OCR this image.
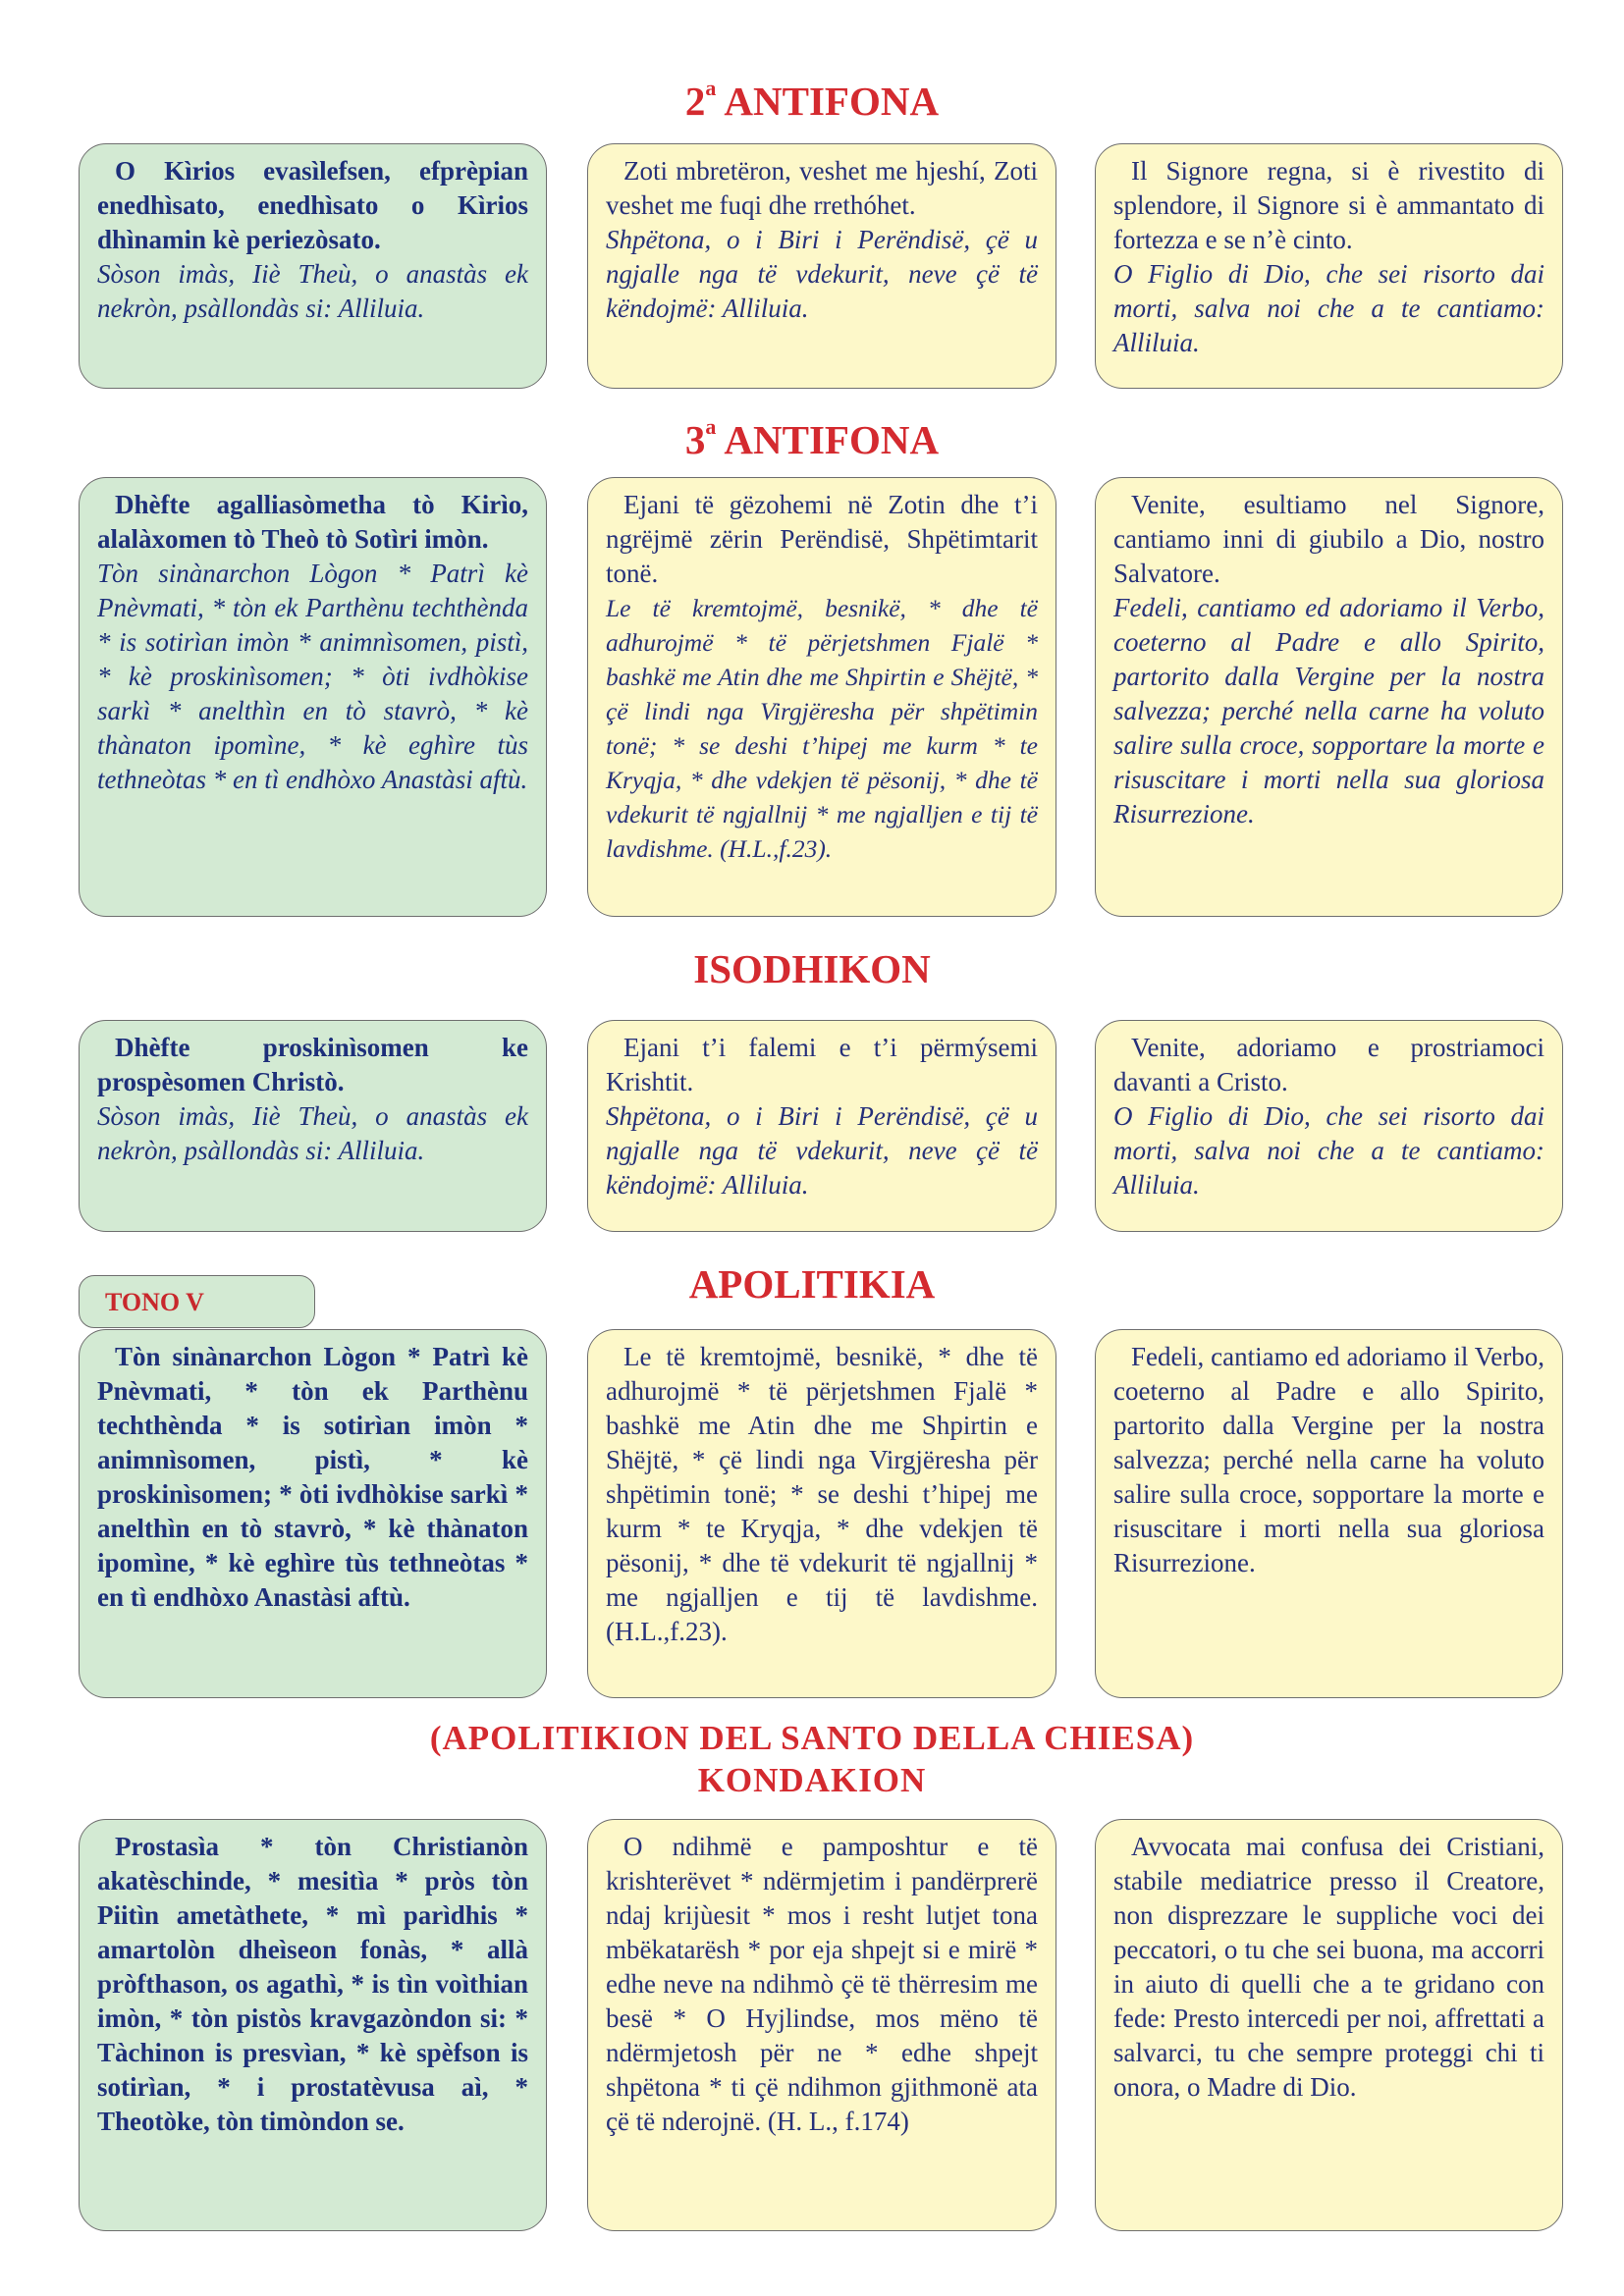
2$^a$ ANTIFONA

O Kìrios evasìlefsen, efprèpian enedhìsato, enedhìsato o Kìrios dhìnamin kè periezòsato.

Sòson imàs, Iiè Theù, o anastàs ek nekròn, psàllondàs si: Alliluia.

Zoti mbretëron, veshet me hjeshí, Zoti veshet me fuqi dhe rrethóhet.

Shpëtona, o i Biri i Perëndisë, çë u ngjalle nga të vdekurit, neve çë të këndojmë: Alliluia.

Il Signore regna, si è rivestito di splendore, il Signore si è ammantato di fortezza e se n’è cinto.

O Figlio di Dio, che sei risorto dai morti, salva noi che a te cantiamo: Alliluia.

3$^a$ ANTIFONA

Dhèfte agalliasòmetha tò Kirìo, alalàxomen tò Theò tò Sotìri imòn.

Tòn sinànarchon Lògon * Patrì kè Pnèvmati, * tòn ek Parthènu techthènda * is sotirìan imòn * animnìsomen, pistì, * kè proskinìsomen; * òti ivdhòkise sarkì * anelthìn en tò stavrò, * kè thànaton ipomìne, * kè eghìre tùs tethneòtas * en tì endhòxo Anastàsi aftù.

Ejani të gëzohemi në Zotin dhe t’i ngrëjmë zërin Perëndisë, Shpëtimtarit tonë.

Le të kremtojmë, besnikë, * dhe të adhurojmë * të përjetshmen Fjalë * bashkë me Atin dhe me Shpirtin e Shëjtë, * çë lindi nga Virgjëresha për shpëtimin tonë; * se deshi t’hipej me kurm * te Kryqja, * dhe vdekjen të pësonij, * dhe të vdekurit të ngjallnij * me ngjalljen e tij të lavdishme. (H.L.,f.23).

Venite, esultiamo nel Signore, cantiamo inni di giubilo a Dio, nostro Salvatore.

Fedeli, cantiamo ed adoriamo il Verbo, coeterno al Padre e allo Spirito, partorito dalla Vergine per la nostra salvezza; perché nella carne ha voluto salire sulla croce, sopportare la morte e risuscitare i morti nella sua gloriosa Risurrezione.

ISODHIKON

Dhèfte proskinìsomen ke prospèsomen Christò.

Sòson imàs, Iiè Theù, o anastàs ek nekròn, psàllondàs si: Alliluia.

Ejani t’i falemi e t’i përmýsemi Krishtit.

Shpëtona, o i Biri i Perëndisë, çë u ngjalle nga të vdekurit, neve çë të këndojmë: Alliluia.

Venite, adoriamo e prostriamoci davanti a Cristo.

O Figlio di Dio, che sei risorto dai morti, salva noi che a te cantiamo: Alliluia.

TONO V	APOLITIKIA

Tòn sinànarchon Lògon * Patrì kè Pnèvmati, * tòn ek Parthènu techthènda * is sotirìan imòn * animnìsomen, pistì, * kè proskinìsomen; * òti ivdhòkise sarkì * anelthìn en tò stavrò, * kè thànaton ipomìne, * kè eghìre tùs tethneòtas * en tì endhòxo Anastàsi aftù.

Le të kremtojmë, besnikë, * dhe të adhurojmë * të përjetshmen Fjalë * bashkë me Atin dhe me Shpirtin e Shëjtë, * çë lindi nga Virgjëresha për shpëtimin tonë; * se deshi t’hipej me kurm * te Kryqja, * dhe vdekjen të pësonij, * dhe të vdekurit të ngjallnij * me ngjalljen e tij të lavdishme. (H.L.,f.23).

Fedeli, cantiamo ed adoriamo il Verbo, coeterno al Padre e allo Spirito, partorito dalla Vergine per la nostra salvezza; perché nella carne ha voluto salire sulla croce, sopportare la morte e risuscitare i morti nella sua gloriosa Risurrezione.

(APOLITIKION DEL SANTO DELLA CHIESA)
KONDAKION

Prostasìa * tòn Christianòn akatèschinde, * mesitìa * pròs tòn Piitìn ametàthete, * mì parìdhis * amartolòn dheìseon fonàs, * allà pròfthason, os agathì, * is tìn voìthian imòn, * tòn pistòs kravgazòndon si: * Tàchinon is presvìan, * kè spèfson is sotirìan, * i prostatèvusa aì, * Theotòke, tòn timòndon se.

O ndihmë e pamposhtur e të krishterëvet * ndërmjetim i pandërprerë ndaj krijùesit * mos i resht lutjet tona mbëkatarësh * por eja shpejt si e mirë * edhe neve na ndihmò çë të thërresim me besë * O Hyjlindse, mos mëno të ndërmjetosh për ne * edhe shpejt shpëtona * ti çë ndihmon gjithmonë ata çë të nderojnë. (H. L., f.174)

Avvocata mai confusa dei Cristiani, stabile mediatrice presso il Creatore, non disprezzare le suppliche voci dei peccatori, o tu che sei buona, ma accorri in aiuto di quelli che a te gridano con fede: Presto intercedi per noi, affrettati a salvarci, tu che sempre proteggi chi ti onora, o Madre di Dio.
